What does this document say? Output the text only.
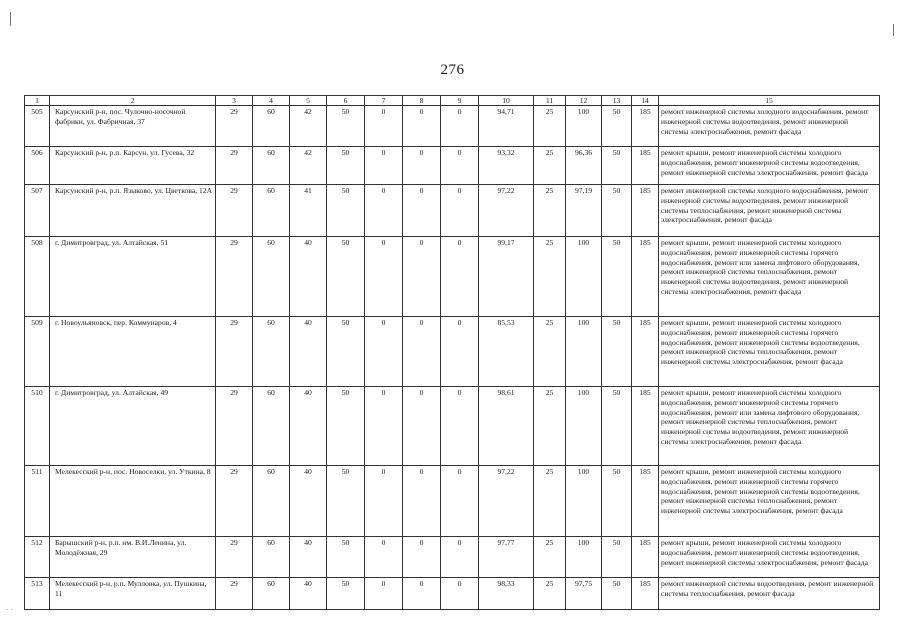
276
1	2	3	4	5	6	7	8	9	10	11	12	13	14	15
505	Карсунский р-н, пос. Чулочно-носочной фабрики, ул. Фабричная, 37	29	60	42	50	0	0	0	94,71	25	100	50	185	ремонт инженерной системы холодного водоснабжения, ремонт инженерной системы водоотведения, ремонт инженерной системы электроснабжения, ремонт фасада
506	Карсунский р-н, р.п. Карсун, ул. Гусева, 32	29	60	42	50	0	0	0	93,32	25	96,36	50	185	ремонт крыши, ремонт инженерной системы холодного водоснабжения, ремонт инженерной системы водоотведения, ремонт инженерной системы электроснабжения, ремонт фасада
507	Карсунский р-н, р.п. Языково, ул. Цветкова, 12А	29	60	41	50	0	0	0	97,22	25	97,19	50	185	ремонт инженерной системы холодного водоснабжения, ремонт инженерной системы водоотведения, ремонт инженерной системы теплоснабжения, ремонт инженерной системы электроснабжения, ремонт фасада
508	г. Димитровград, ул. Алтайская, 51	29	60	40	50	0	0	0	99,17	25	100	50	185	ремонт крыши, ремонт инженерной системы холодного водоснабжения, ремонт инженерной системы горячего водоснабжения, ремонт или замена лифтового оборудования, ремонт инженерной системы теплоснабжения, ремонт инженерной системы водоотведения, ремонт инженерной системы электроснабжения, ремонт фасада
509	г. Новоульяновск, пер. Коммунаров, 4	29	60	40	50	0	0	0	85,53	25	100	50	185	ремонт крыши, ремонт инженерной системы холодного водоснабжения, ремонт инженерной системы горячего водоснабжения, ремонт инженерной системы водоотведения, ремонт инженерной системы теплоснабжения, ремонт инженерной системы электроснабжения, ремонт фасада
510	г. Димитровград, ул. Алтайская, 49	29	60	40	50	0	0	0	98,61	25	100	50	185	ремонт крыши, ремонт инженерной системы холодного водоснабжения, ремонт инженерной системы горячего водоснабжения, ремонт или замена лифтового оборудования, ремонт инженерной системы теплоснабжения, ремонт инженерной системы водоотведения, ремонт инженерной системы электроснабжения, ремонт фасада
511	Мелекесский р-н, пос. Новоселки, ул. Уткина, 8	29	60	40	50	0	0	0	97,22	25	100	50	185	ремонт крыши, ремонт инженерной системы холодного водоснабжения, ремонт инженерной системы горячего водоснабжения, ремонт инженерной системы водоотведения, ремонт инженерной системы теплоснабжения, ремонт инженерной системы электроснабжения, ремонт фасада
512	Барышский р-н, р.п. им. В.И.Ленина, ул. Молодёжная, 29	29	60	40	50	0	0	0	97,77	25	100	50	185	ремонт крыши, ремонт инженерной системы холодного водоснабжения, ремонт инженерной системы водоотведения, ремонт инженерной системы электроснабжения, ремонт фасада
513	Мелекесский р-н, р.п. Мулловка, ул. Пушкина, 11	29	60	40	50	0	0	0	98,33	25	97,75	50	185	ремонт инженерной системы водоотведения, ремонт инженерной системы теплоснабжения, ремонт фасада
· ·
